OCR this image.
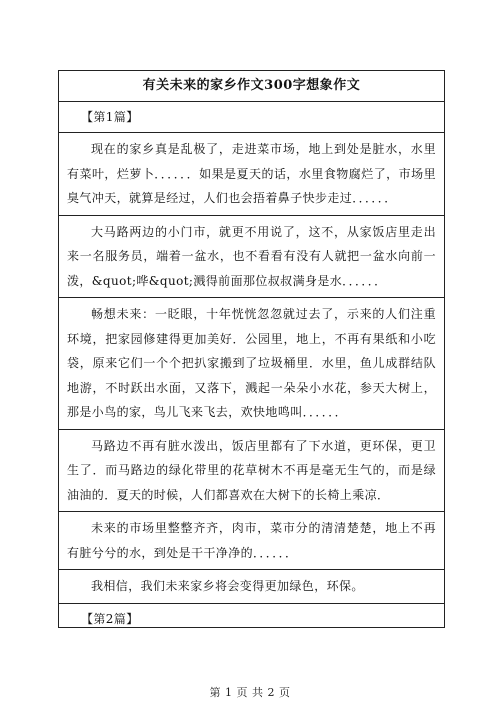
有关未来的家乡作文300字想象作文
【第1篇】
现在的家乡真是乱极了，走进菜市场，地上到处是脏水，水里有菜叶，烂萝卜．．．．．．如果是夏天的话，水里食物腐烂了，市场里臭气冲天，就算是经过，人们也会捂着鼻子快步走过．．．．．．
大马路两边的小门市，就更不用说了，这不，从家饭店里走出来一名服务员，端着一盆水，也不看看有没有人就把一盆水向前一泼，&quot;哗&quot;溅得前面那位叔叔满身是水．．．．．．
畅想未来：一眨眼，十年恍恍忽忽就过去了，示来的人们注重环境，把家园修建得更加美好．公园里，地上，不再有果纸和小吃袋，原来它们一个个把扒家搬到了垃圾桶里．水里，鱼儿成群结队地游，不时跃出水面，又落下，溅起一朵朵小水花，参天大树上，那是小鸟的家，鸟儿飞来飞去，欢快地鸣叫．．．．．．
马路边不再有脏水泼出，饭店里都有了下水道，更环保，更卫生了．而马路边的绿化带里的花草树木不再是毫无生气的，而是绿油油的．夏天的时候，人们都喜欢在大树下的长椅上乘凉．
未来的市场里整整齐齐，肉市，菜市分的清清楚楚，地上不再有脏兮兮的水，到处是干干净净的．．．．．．
我相信，我们未来家乡将会变得更加绿色，环保。
【第2篇】
第 1 页 共 2 页
